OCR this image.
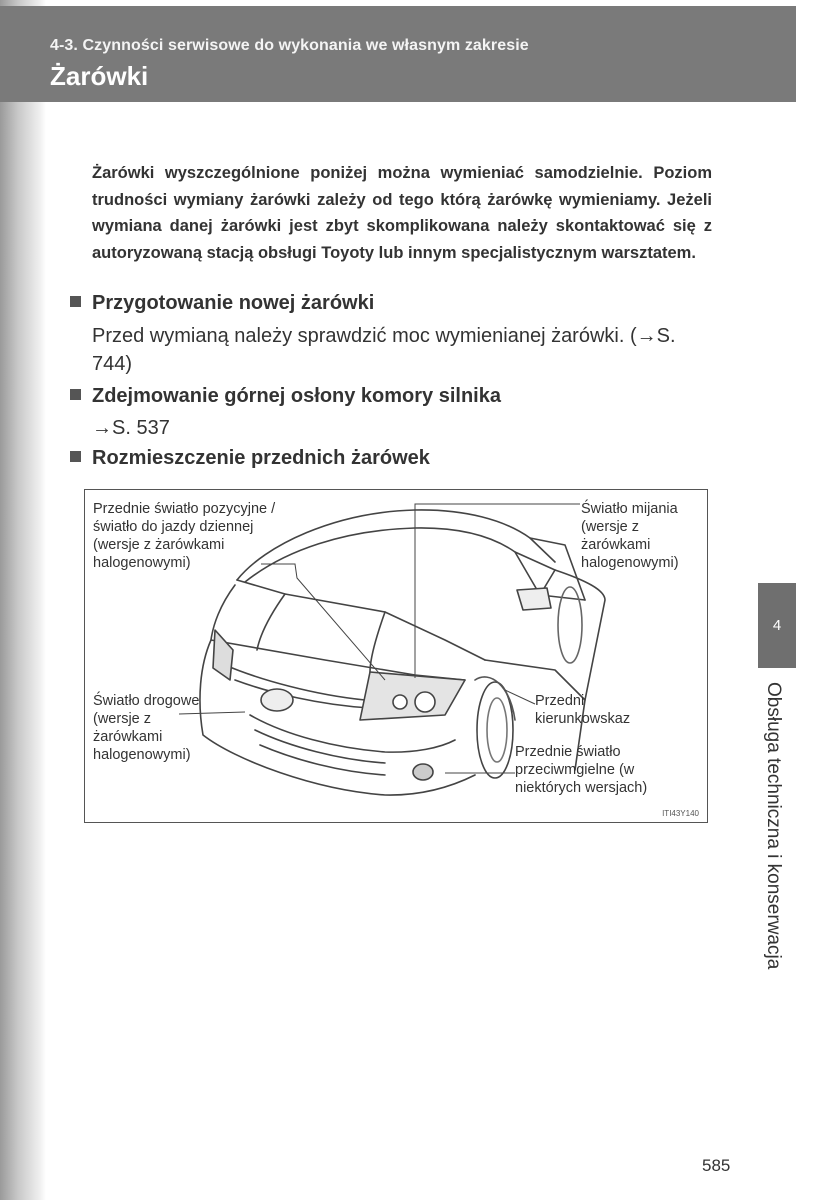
4-3. Czynności serwisowe do wykonania we własnym zakresie
Żarówki
Żarówki wyszczególnione poniżej można wymieniać samodzielnie. Poziom trudności wymiany żarówki zależy od tego którą żarówkę wymieniamy. Jeżeli wymiana danej żarówki jest zbyt skomplikowana należy skontaktować się z autoryzowaną stacją obsługi Toyoty lub innym specjalistycznym warsztatem.
Przygotowanie nowej żarówki
Przed wymianą należy sprawdzić moc wymienianej żarówki. (→S. 744)
Zdejmowanie górnej osłony komory silnika
→S. 537
Rozmieszczenie przednich żarówek
Przednie światło pozycyjne / światło do jazdy dziennej (wersje z żarówkami halogenowymi)
Światło mijania (wersje z żarówkami halogenowymi)
Światło drogowe (wersje z żarówkami halogenowymi)
Przedni kierunkowskaz
Przednie światło przeciwmgielne (w niektórych wersjach)
ITI43Y140
4
Obsługa techniczna i konserwacja
585
